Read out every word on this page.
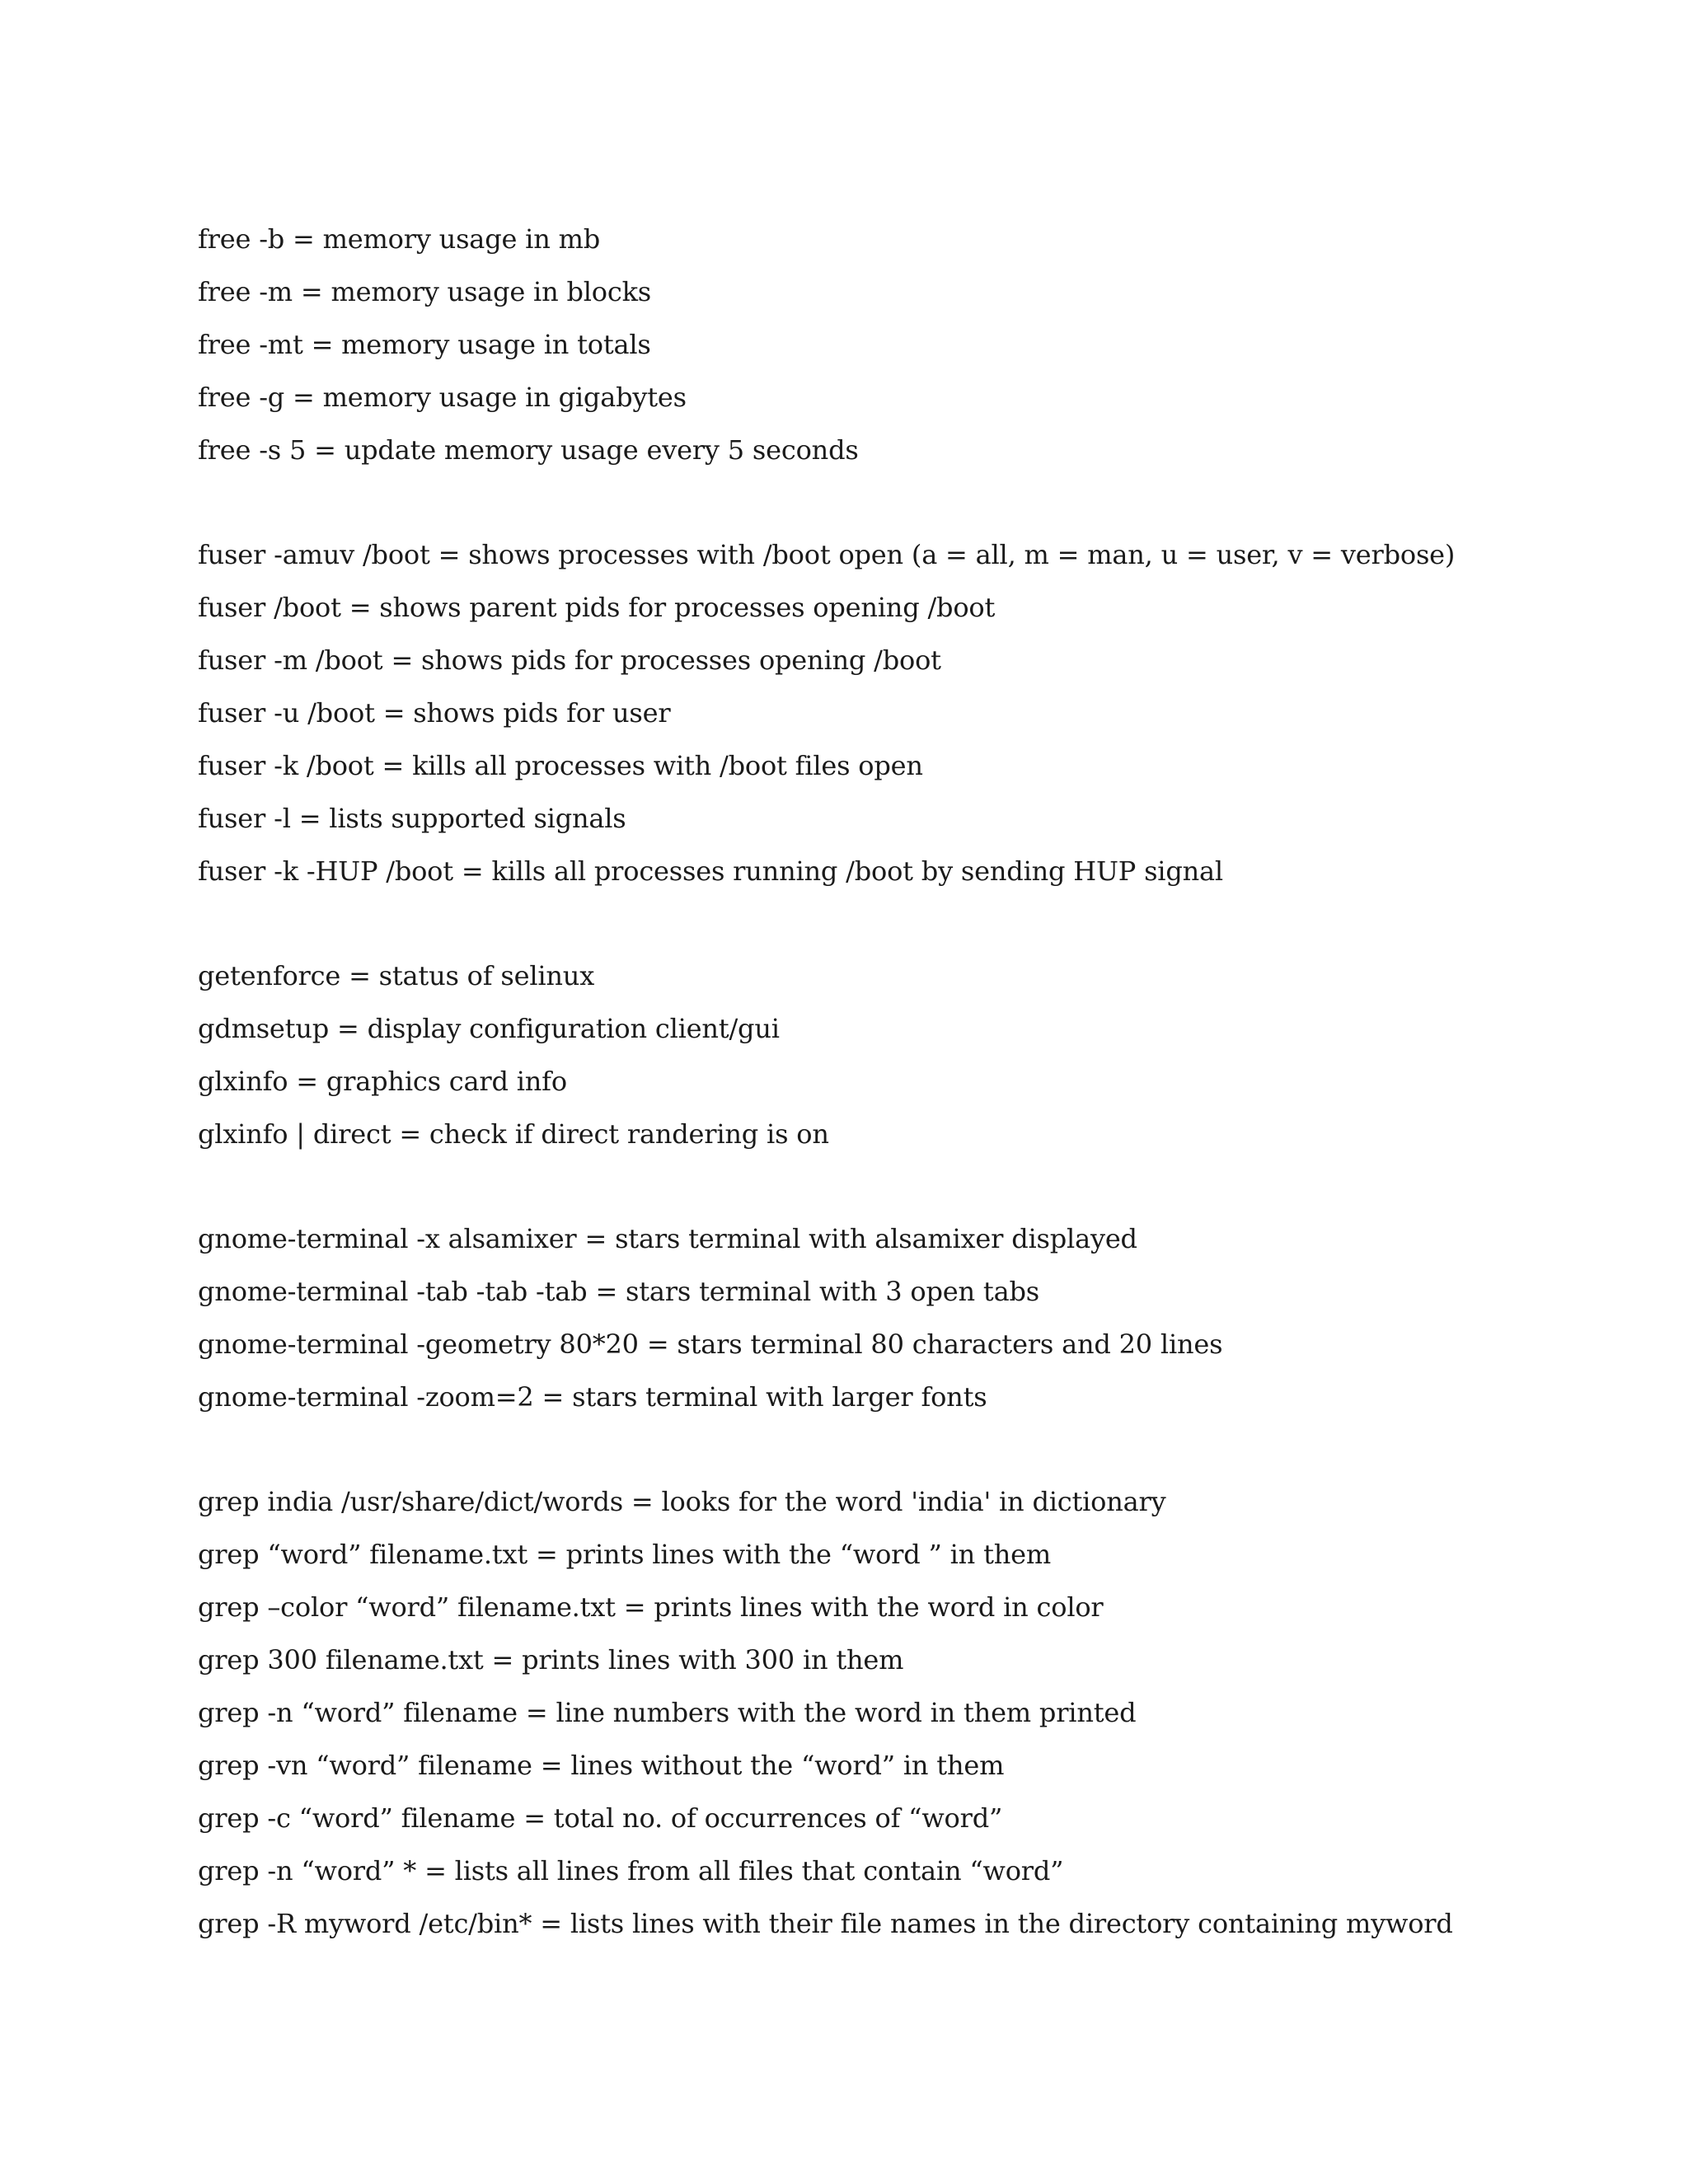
free -b = memory usage in mb
free -m = memory usage in blocks
free -mt = memory usage in totals
free -g = memory usage in gigabytes
free -s 5 = update memory usage every 5 seconds
fuser -amuv /boot = shows processes with /boot open (a = all, m = man, u = user, v = verbose)
fuser /boot = shows parent pids for processes opening /boot
fuser -m /boot = shows pids for processes opening /boot
fuser -u /boot = shows pids for user
fuser -k /boot = kills all processes with /boot files open
fuser -l = lists supported signals
fuser -k -HUP /boot = kills all processes running /boot by sending HUP signal
getenforce = status of selinux
gdmsetup = display configuration client/gui
glxinfo = graphics card info
glxinfo | direct = check if direct randering is on
gnome-terminal -x alsamixer = stars terminal with alsamixer displayed
gnome-terminal -tab -tab -tab = stars terminal with 3 open tabs
gnome-terminal -geometry 80*20 = stars terminal 80 characters and 20 lines
gnome-terminal -zoom=2 = stars terminal with larger fonts
grep india /usr/share/dict/words = looks for the word 'india' in dictionary
grep “word” filename.txt = prints lines with the “word ” in them
grep –color “word” filename.txt = prints lines with the word in color
grep 300 filename.txt = prints lines with 300 in them
grep -n “word” filename = line numbers with the word in them printed
grep -vn “word” filename = lines without the “word” in them
grep -c “word” filename = total no. of occurrences of “word”
grep -n “word” * = lists all lines from all files that contain “word”
grep -R myword /etc/bin* = lists lines with their file names in the directory containing myword
